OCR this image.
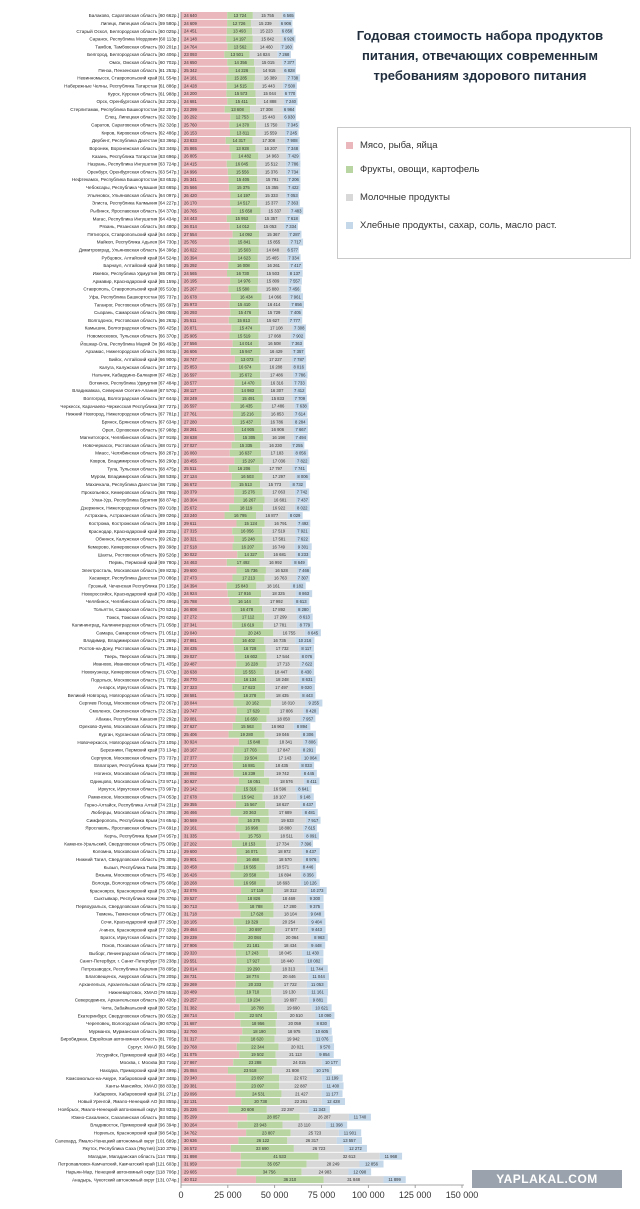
24 640	13 724	15 755 6 565
24 609	12 726	15 239 6 906
24 451	13 493	15 223 6 858
24 148	14 197	15 842 6 926
24 764	13 562	14 460 7 160
23 093	13 501	14 824 7 268
24 650	14 356	15 015 7 377
25 342	14 226	14 915 6 828
24 181	15 285	16 389	7 738
24 428	14 515	15 443 7 500
24 200	15 573	15 044 6 770
24 681	15 411	14 888 7 240
23 299	13 608	17 308	6 984
26 292	12 753	15 443 6 930
25 760	14 370	15 750 7 345
26 153	13 811	15 559 7 245
23 833	14 317	17 308	7 908
25 865	13 928	16 207 7 348
26 805	14 482	14 963 7 429
24 415	16 045	15 512 7 786
24 996	15 556	15 376 7 734
25 341	15 405	15 791 7 206
25 566	15 375	15 355 7 422
26 420	14 197	15 333 7 053
26 170	14 517	15 377 7 363
26 765	15 658	15 337 7 483
24 443	15 953	15 357 7 618
26 014	14 012	15 053 7 334
27 554	14 092	15 367 7 287
25 765	15 841	15 855 7 717
26 022	15 503	14 848 6 577
26 394	14 623	15 465 7 334
25 292	16 008	16 261	7 417
24 565	16 730	15 503 8 137
26 195	14 976	15 809 7 557
25 267	15 580	15 880 7 456
26 678	16 434	14 066 7 961
25 973	15 410	16 414	7 856
26 293	15 476	15 729 7 405
25 511	15 813	15 627 7 777
26 871	15 474	17 108	7 308
25 905	15 519	17 068	7 902
27 556	14 014	16 508	7 363
26 606	15 947	16 429	7 357
28 747	13 073	17 227	7 787
25 853	16 674	16 288	8 016
26 597	15 672	17 486	7 786
28 577	14 470	16 316	7 733
28 117	14 983	16 307	7 412
28 249	15 491	15 833 7 709
26 597	16 435	17 486	7 638
27 761	15 216	16 853	7 614
27 280	15 437	16 786	8 284
28 261	14 905	16 906	7 667
28 638	15 305	16 198	7 494
27 027	15 335	16 230 7 255
26 060	16 637	17 183	8 056
28 455	15 297	17 036	7 822
25 511	16 206	17 797	7 741
27 124	16 503	17 297	8 006
26 672	15 513	15 773	8 732
28 379	15 276	17 063	7 742
28 304	16 267	16 681	7 437
25 672	18 119	16 922	8 022
23 240	16 795	16 877	8 029
29 611	15 124	16 791	7 492
27 315	16 056	17 519	7 921
28 321	15 248	17 581	7 622
27 518	16 207	16 749	9 301
30 022	14 327	16 681	8 233
24 463	17 492	16 992	8 649
29 600	15 736	16 528	7 466
27 473	17 213	16 763	7 307
24 394	15 843	18 161	8 182
24 924	17 916	18 325	8 863
25 788	16 144	17 992	8 613
26 808	16 478	17 892	8 280
27 272	17 112	17 299	8 613
27 341	16 619	17 781	8 779
29 040	20 243	16 755	8 645
27 881	16 402	16 735	10 216
28 435	16 728	17 732	8 117
29 027	16 602	17 544	8 076
29 487	16 228	17 713	7 622
28 638	15 553	18 447	8 430
28 770	16 134	18 248	8 631
27 323	17 623	17 497	9 020
28 581	16 278	18 435	8 443
28 044	20 162	18 010	9 255
29 747	17 629	17 806	8 420
29 081	16 650	18 050	7 957
27 627	15 563	16 963	8 894
25 406	19 280	19 046	8 306
30 924	15 848	18 341	7 806
28 167	17 703	17 847	8 291
27 377	19 504	17 143	10 064
27 710	16 881	18 435	8 033
28 092	16 239	19 742	8 445
30 927	16 051	18 576	8 411
29 142	15 316	16 596	8 641
27 678	15 942	18 107	9 148
29 355	15 567	18 627	8 437
26 466	20 363	17 689	8 481
30 569	16 376	19 633	7 917
29 161	16 998	18 880	7 615
31 335	15 753	18 511	8 091
27 202	18 153	17 734	7 396
29 600	16 071	18 972	9 437
29 901	16 468	18 570	8 976
28 458	16 565	18 571	8 446
26 426	20 558	16 894	8 356
28 268	16 950	18 693	10 126
32 076	17 119	18 312	10 273
29 527	18 826	18 469	9 300
30 713	18 788	17 280	9 375
31 718	17 628	18 104	9 048
28 105	19 329	20 254	9 404
29 464	20 697	17 577	9 443
29 239	20 084	20 064	8 963
27 906	21 181	18 434	9 448
29 320	17 243	18 045	11 430
29 551	17 927	18 440	10 082
29 014	19 290	18 313	11 744
28 731	18 774	20 446	11 044
29 269	20 233	17 722	11 053
28 489	19 710	19 130	11 161
29 257	19 234	19 697	9 881
31 382	18 708	19 690	10 621
28 714	22 574	20 510	10 090
31 687	18 956	20 059	8 830
32 700	18 190	18 975	10 605
31 317	18 620	19 942	11 076
29 768	22 344	20 021	9 570
31 075	19 502	21 113	9 854
27 867	23 288	24 015	10 177
25 084	23 518	21 808	10 176
29 340	23 097	22 672	11 199
29 381	23 097	22 887	11 400
29 096	24 531	21 427	11 177
32 131	20 738	22 261	12 428
25 226	20 608	22 287	11 343
35 299	28 057	26 287	11 740
30 264	23 943	23 110	11 398
34 762	23 807	25 723	11 901
30 636	26 122	26 317	13 557
26 572	33 690	26 723	12 272
31 898	41 533	32 613	11 968
31 959	35 057	28 249	12 856
29 665	34 756	24 983	12 098
40 012	36 210	31 848	11 899
Балаково, Саратовская область [60 662р.]
Липецк, Липецкая область [59 580р.]
Старый Оскол, Белгородская область [60 025р.]
Саранск, Республика Мордовия [60 113р.]
Тамбов, Тамбовская область [60 201р.]
Белгород, Белгородская область [60 406р.]
Омск, Омская область [60 702р.]
Пенза, Пензенская область [61 253р.]
Невинномысск, Ставропольский край [61 554р.]
Набережные Челны, Республика Татарстан [61 886р.]
Курск, Курская область [61 988р.]
Орск, Оренбургская область [62 220р.]
Стерлитамак, Республика Башкортостан [62 257р.]
Елец, Липецкая область [62 328р.]
Саратов, Саратовская область [62 326р.]
Киров, Кировская область [62 486р.]
Дербент, Республика Дагестан [63 366р.]
Воронеж, Воронежская область [63 348р.]
Казань, Республика Татарстан [63 696р.]
Назрань, Республика Ингушетия [63 724р.]
Оренбург, Оренбургская область [63 547р.]
Нефтекамск, Республика Башкортостан [63 652р.]
Чебоксары, Республика Чувашия [63 665р.]
Ульяновск, Ульяновская область [64 097р.]
Элиста, Республика Калмыкия [64 227р.]
Рыбинск, Ярославская область [64 370р.]
Магас, Республика Ингушетия [64 434р.]
Рязань, Рязанская область [64 480р.]
Пятигорск, Ставропольский край [64 440р.]
Майкоп, Республика Адыгея [64 730р.]
Димитровград, Ульяновская область [64 396р.]
Рубцовск, Алтайский край [64 524р.]
Барнаул, Алтайский край [64 586р.]
Ижевск, Республика Удмуртия [65 067р.]
Армавир, Краснодарский край [65 159р.]
Ставрополь, Ставропольский край [65 510р.]
Уфа, Республика Башкортостан [65 737р.]
Таганрог, Ростовская область [65 697р.]
Сызрань, Самарская область [66 058р.]
Волгодонск, Ростовская область [66 263р.]
Камышин, Волгоградская область [66 425р.]
Новомосковск, Тульская область [66 370р.]
Йошкар-Ола, Республика Марий Эл [66 493р.]
Арзамас, Нижегородская область [66 843р.]
Бийск, Алтайский край [66 900р.]
Калуга, Калужская область [67 107р.]
Нальчик, Кабардино-Балкария [67 482р.]
Воткинск, Республика Удмуртия [67 484р.]
Владикавказ, Северная Осетия-Алания [67 570р.]
Волгоград, Волгоградская область [67 644р.]
Черкесск, Карачаево-Черкесская Республика [67 727р.]
Нижний Новгород, Нижегородская область [67 781р.]
Брянск, Брянская область [67 634р.]
Орел, Орловская область [67 988р.]
Магнитогорск, Челябинская область [67 918р.]
Новочеркасск, Ростовская область [68 017р.]
Миасс, Челябинская область [68 287р.]
Ковров, Владимирская область [68 290р.]
Тула, Тульская область [68 475р.]
Муром, Владимирская область [68 538р.]
Махачкала, Республика Дагестан [68 719р.]
Прокопьевск, Кемеровская область [68 786р.]
Улан-Удэ, Республика Бурятия [68 874р.]
Дзержинск, Нижегородская область [69 018р.]
Астрахань, Астраханская область [69 026р.]
Кострома, Костромская область [69 104р.]
Краснодар, Краснодарский край [69 225р.]
Обнинск, Калужская область [69 262р.]
Кемерово, Кемеровская область [69 398р.]
Шахты, Ростовская область [69 526р.]
Пермь, Пермский край [69 780р.]
Электросталь, Московская область [69 823р.]
Хасавюрт, Республика Дагестан [70 086р.]
Грозный, Чеченская Республика [70 135р.]
Новороссийск, Краснодарский край [70 438р.]
Челябинск, Челябинская область [70 496р.]
Тольятти, Самарская область [70 531р.]
Томск, Томская область [70 626р.]
Калининград, Калининградская область [71 058р.]
Самара, Самарская область [71 051р.]
Владимир, Владимирская область [71 269р.]
Ростов-на-Дону, Ростовская область [71 291р.]
Тверь, Тверская область [71 368р.]
Иваново, Ивановская область [71 435р.]
Новокузнецк, Кемеровская область [71 670р.]
Подольск, Московская область [71 735р.]
Ангарск, Иркутская область [71 783р.]
Великий Новгород, Новгородская область [71 820р.]
Сергиев Посад, Московская область [72 067р.]
Смоленск, Смоленская область [72 252р.]
Абакан, Республика Хакасия [72 292р.]
Орехово-Зуево, Московская область [72 896р.]
Курган, Курганская область [73 009р.]
Новочеркасск, Новгородская область [73 105р.]
Березники, Пермский край [73 134р.]
Серпухов, Московская область [73 737р.]
Евпатория, Республика Крым [73 796р.]
Ногинск, Московская область [73 893р.]
Одинцово, Московская область [73 971р.]
Иркутск, Иркутская область [73 997р.]
Раменское, Московская область [74 053р.]
Горно-Алтайск, Республика Алтай [74 231р.]
Люберцы, Московская область [74 395р.]
Симферополь, Республика Крым [74 654р.]
Ярославль, Ярославская область [74 691р.]
Керчь, Республика Крым [74 957р.]
Каменск-Уральский, Свердловская область [75 009р.]
Коломна, Московская область [75 121р.]
Нижний Тагил, Свердловская область [75 308р.]
Кызыл, Республика Тыва [75 382р.]
Вязьма, Московская область [75 463р.]
Вологда, Вологодская область [75 686р.]
Красноярск, Красноярский край [76 374р.]
Сыктывкар, Республика Коми [76 376р.]
Первоуральск, Свердловская область [76 514р.]
Тюмень, Тюменская область [77 062р.]
Сочи, Краснодарский край [77 250р.]
Ачинск, Красноярский край [77 330р.]
Братск, Иркутская область [77 526р.]
Псков, Псковская область [77 557р.]
Выборг, Ленинградская область [77 560р.]
Санкт-Петербург, г. Санкт-Петербург [78 238р.]
Петрозаводск, Республика Карелия [78 895р.]
Благовещенск, Амурская область [78 205р.]
Архангельск, Архангельская область [79 423р.]
Нижневартовск, ХМАО [79 552р.]
Северодвинск, Архангельская область [80 430р.]
Чита, Забайкальский край [80 525р.]
Екатеринбург, Свердловская область [80 652р.]
Череповец, Вологодская область [80 670р.]
Мурманск, Мурманская область [80 836р.]
Биробиджан, Еврейская автономная область [81 705р.]
Сургут, ХМАО [81 568р.]
Уссурийск, Приморский край [83 445р.]
Москва, г. Москва [83 716р.]
Находка, Приморский край [84 499р.]
Комсомольск-на-Амуре, Хабаровский край [87 348р.]
Ханты-Мансийск, ХМАО [88 833р.]
Хабаровск, Хабаровский край [91 271р.]
Новый Уренгой, Ямало-Ненецкий АО [93 855р.]
Ноябрьск, Ямало-Ненецкий автономный округ [93 933р.]
Южно-Сахалинск, Сахалинская область [93 505р.]
Владивосток, Приморский край [96 394р.]
Норильск, Красноярский край [98 543р.]
Салехард, Ямало-Ненецкий автономный округ [101 689р.]
Якутск, Республика Саха (Якутия) [110 379р.]
Магадан, Магаданская область [114 788р.]
Петропавловск-Камчатский, Камчатский край [121 603р.]
Нарьян-Мар, Ненецкий автономный округ [118 706р.]
Анадырь, Чукотский автономный округ [131 074р.]
0	25 000 50 000 75 000 100 000 125 000 150 000
Годовая стоимость набора продуктов питания, отвечающих современным требованиям здорового питания
Мясо, рыба, яйца
Фрукты, овощи, картофель
Молочные продукты
Хлебные продукты, сахар, соль, масло раст.
YAPLAKAL.COM
